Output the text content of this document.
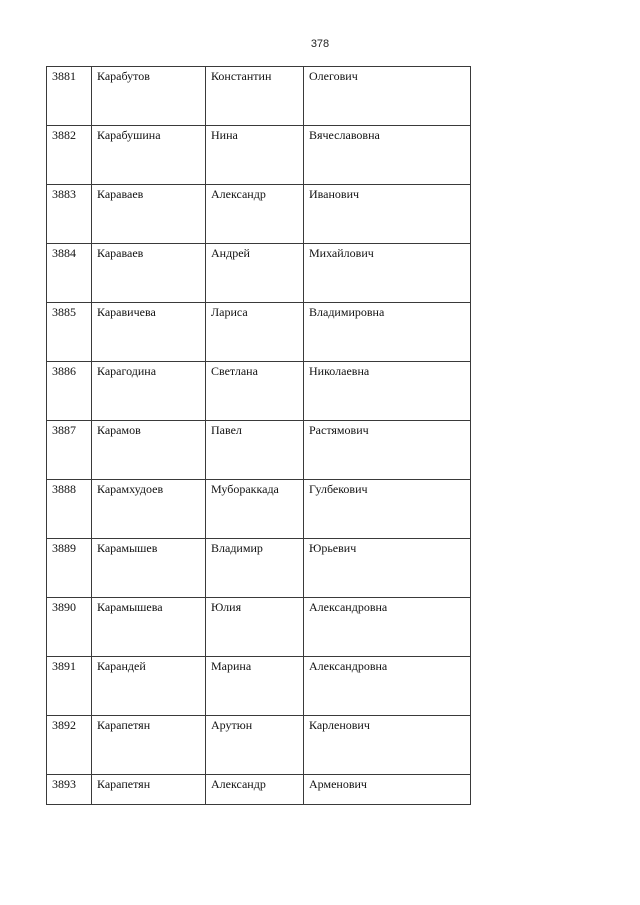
378
3881	Карабутов	Константин	Олегович
3882	Карабушина	Нина	Вячеславовна
3883	Караваев	Александр	Иванович
3884	Караваев	Андрей	Михайлович
3885	Каравичева	Лариса	Владимировна
3886	Карагодина	Светлана	Николаевна
3887	Карамов	Павел	Растямович
3888	Карамхудоев	Мубораккада	Гулбекович
3889	Карамышев	Владимир	Юрьевич
3890	Карамышева	Юлия	Александровна
3891	Карандей	Марина	Александровна
3892	Карапетян	Арутюн	Карленович
3893	Карапетян	Александр	Арменович
